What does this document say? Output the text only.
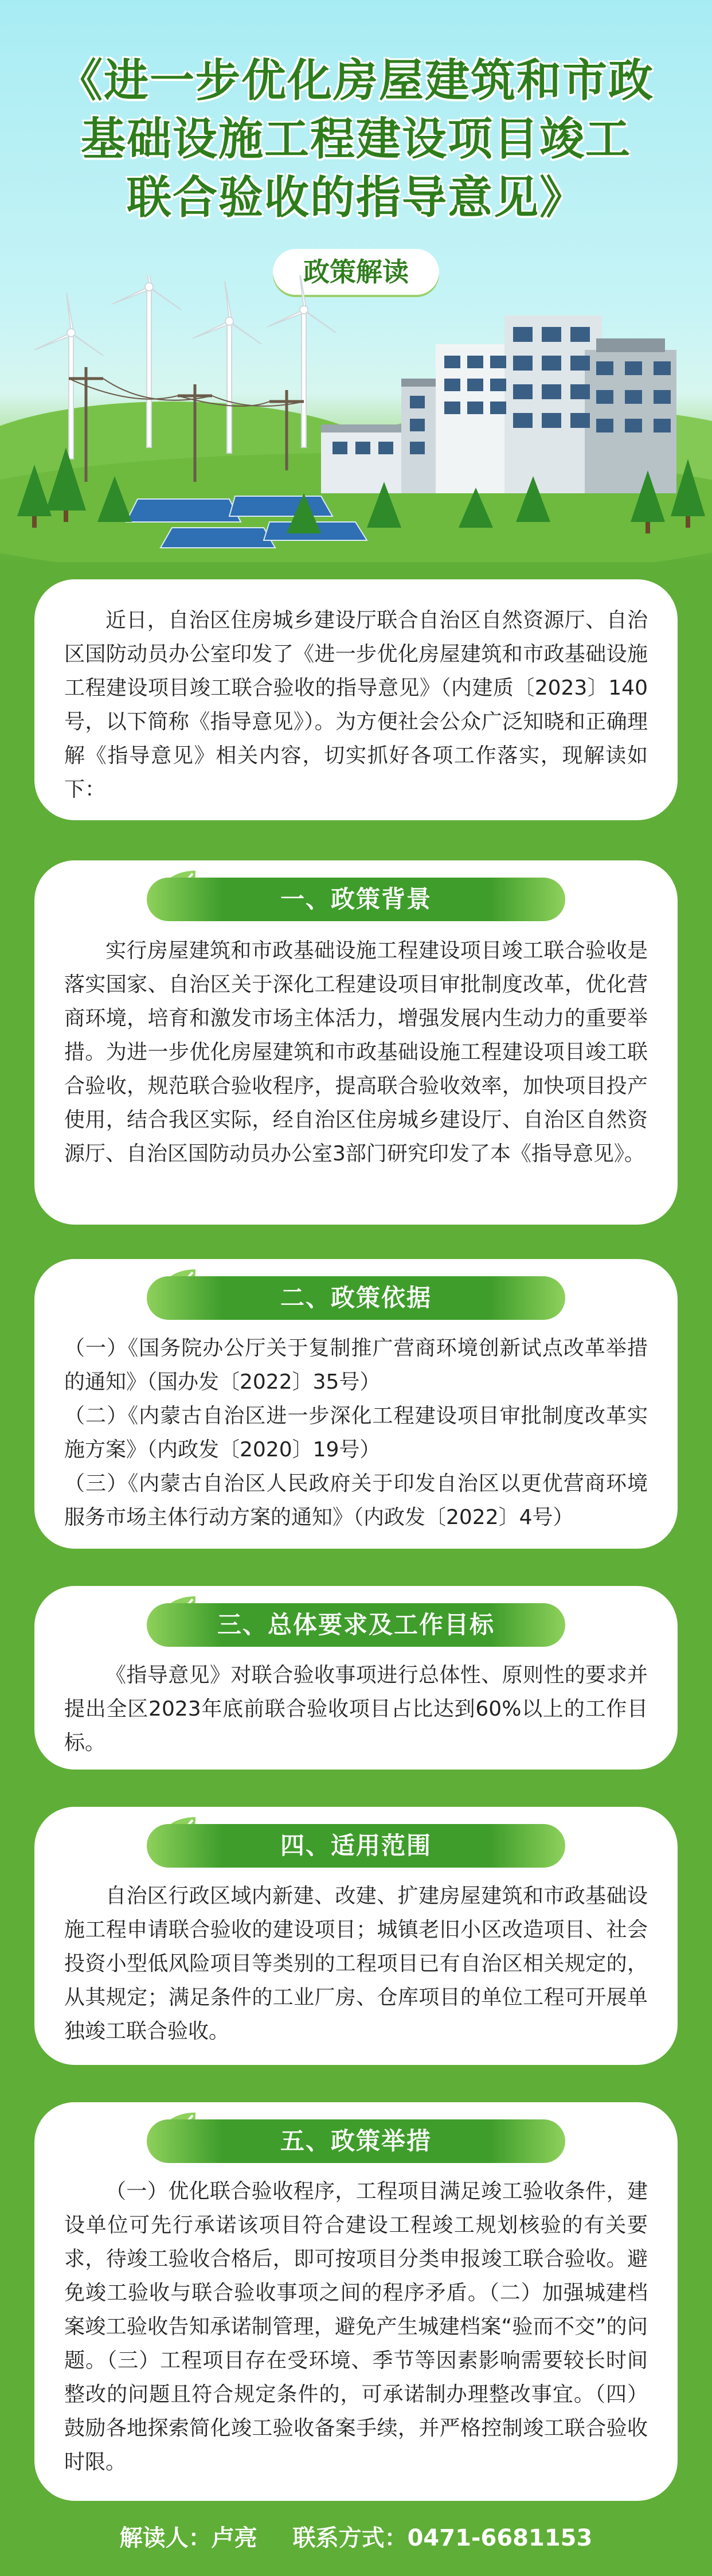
《进一步优化房屋建筑和市政
基础设施工程建设项目竣工
联合验收的指导意见》
政策解读

近日，自治区住房城乡建设厅联合自治区自然资源厅、自治区国防动员办公室印发了《进一步优化房屋建筑和市政基础设施工程建设项目竣工联合验收的指导意见》（内建质〔2023〕140号，以下简称《指导意见》）。为方便社会公众广泛知晓和正确理解《指导意见》相关内容，切实抓好各项工作落实，现解读如下：

一、政策背景

实行房屋建筑和市政基础设施工程建设项目竣工联合验收是落实国家、自治区关于深化工程建设项目审批制度改革，优化营商环境，培育和激发市场主体活力，增强发展内生动力的重要举措。为进一步优化房屋建筑和市政基础设施工程建设项目竣工联合验收，规范联合验收程序，提高联合验收效率，加快项目投产使用，结合我区实际，经自治区住房城乡建设厅、自治区自然资源厅、自治区国防动员办公室3部门研究印发了本《指导意见》。

二、政策依据

（一）《国务院办公厅关于复制推广营商环境创新试点改革举措的通知》（国办发〔2022〕35号）

（二）《内蒙古自治区进一步深化工程建设项目审批制度改革实施方案》（内政发〔2020〕19号）

（三）《内蒙古自治区人民政府关于印发自治区以更优营商环境服务市场主体行动方案的通知》（内政发〔2022〕4号）

三、总体要求及工作目标

《指导意见》对联合验收事项进行总体性、原则性的要求并提出全区2023年底前联合验收项目占比达到60%以上的工作目标。

四、适用范围

自治区行政区域内新建、改建、扩建房屋建筑和市政基础设施工程申请联合验收的建设项目；城镇老旧小区改造项目、社会投资小型低风险项目等类别的工程项目已有自治区相关规定的，从其规定；满足条件的工业厂房、仓库项目的单位工程可开展单独竣工联合验收。

五、政策举措

（一）优化联合验收程序，工程项目满足竣工验收条件，建设单位可先行承诺该项目符合建设工程竣工规划核验的有关要求，待竣工验收合格后，即可按项目分类申报竣工联合验收。避免竣工验收与联合验收事项之间的程序矛盾。（二）加强城建档案竣工验收告知承诺制管理，避免产生城建档案“验而不交”的问题。（三）工程项目存在受环境、季节等因素影响需要较长时间整改的问题且符合规定条件的，可承诺制办理整改事宜。（四）鼓励各地探索简化竣工验收备案手续，并严格控制竣工联合验收时限。

解读人：卢亮 联系方式：0471-6681153
